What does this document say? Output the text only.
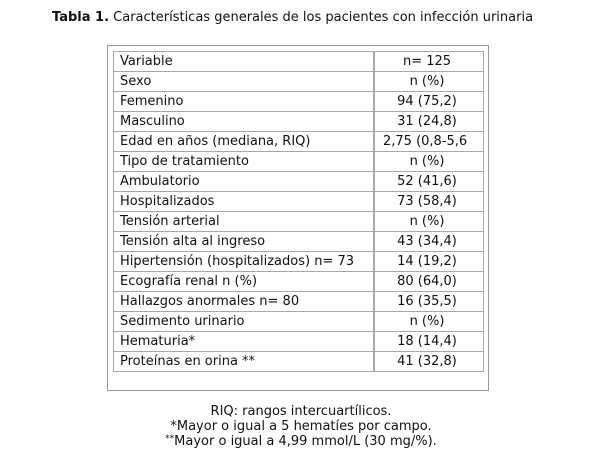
Tabla 1. Características generales de los pacientes con infección urinaria
Variable	n= 125
Sexo	n (%)
Femenino	94 (75,2)
Masculino	31 (24,8)
Edad en años (mediana, RIQ)	2,75 (0,8-5,6
Tipo de tratamiento	n (%)
Ambulatorio	52 (41,6)
Hospitalizados	73 (58,4)
Tensión arterial	n (%)
Tensión alta al ingreso	43 (34,4)
Hipertensión (hospitalizados) n= 73	14 (19,2)
Ecografía renal n (%)	80 (64,0)
Hallazgos anormales n= 80	16 (35,5)
Sedimento urinario	n (%)
Hematuria*	18 (14,4)
Proteínas en orina **	41 (32,8)
RIQ: rangos intercuartílicos.
*Mayor o igual a 5 hematíes por campo.
**Mayor o igual a 4,99 mmol/L (30 mg/%).
